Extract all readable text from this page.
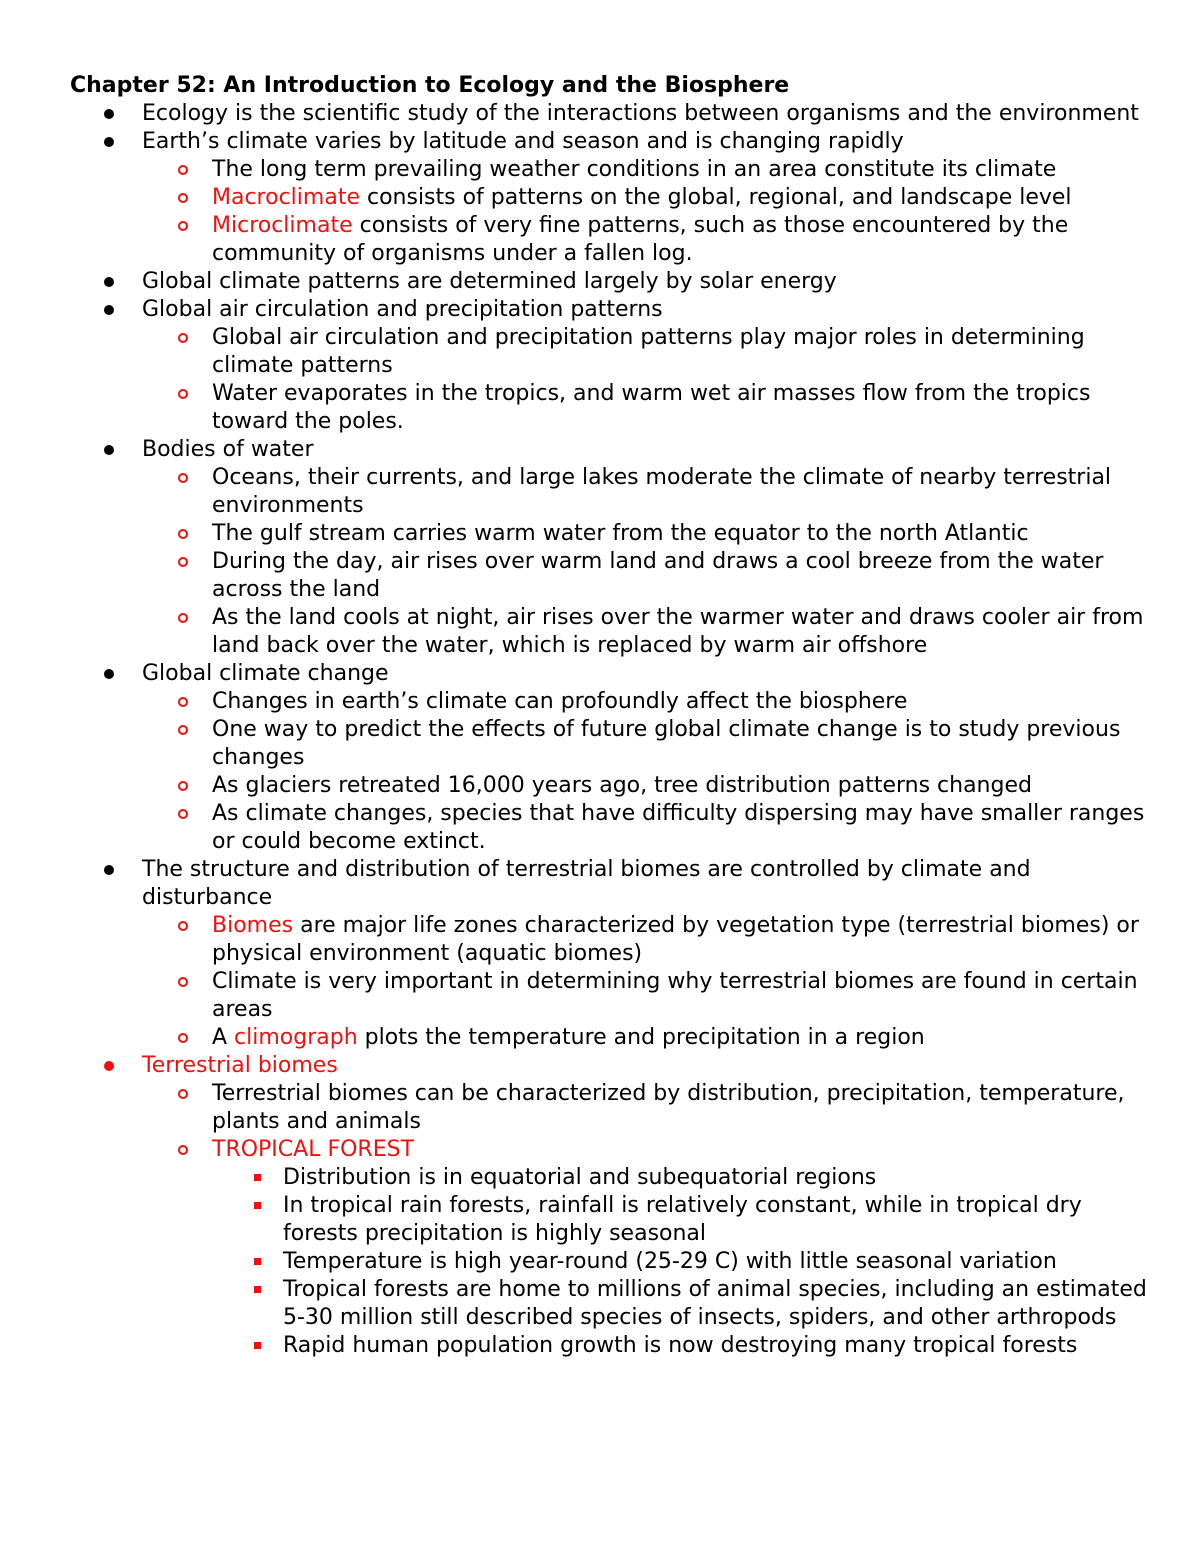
Chapter 52: An Introduction to Ecology and the Biosphere
Ecology is the scientific study of the interactions between organisms and the environment
Earth’s climate varies by latitude and season and is changing rapidly
The long term prevailing weather conditions in an area constitute its climate
Macroclimate consists of patterns on the global, regional, and landscape level
Microclimate consists of very fine patterns, such as those encountered by the community of organisms under a fallen log.
Global climate patterns are determined largely by solar energy
Global air circulation and precipitation patterns
Global air circulation and precipitation patterns play major roles in determining climate patterns
Water evaporates in the tropics, and warm wet air masses flow from the tropics toward the poles.
Bodies of water
Oceans, their currents, and large lakes moderate the climate of nearby terrestrial environments
The gulf stream carries warm water from the equator to the north Atlantic
During the day, air rises over warm land and draws a cool breeze from the water across the land
As the land cools at night, air rises over the warmer water and draws cooler air from land back over the water, which is replaced by warm air offshore
Global climate change
Changes in earth’s climate can profoundly affect the biosphere
One way to predict the effects of future global climate change is to study previous changes
As glaciers retreated 16,000 years ago, tree distribution patterns changed
As climate changes, species that have difficulty dispersing may have smaller ranges or could become extinct.
The structure and distribution of terrestrial biomes are controlled by climate and disturbance
Biomes are major life zones characterized by vegetation type (terrestrial biomes) or physical environment (aquatic biomes)
Climate is very important in determining why terrestrial biomes are found in certain areas
A climograph plots the temperature and precipitation in a region
Terrestrial biomes
Terrestrial biomes can be characterized by distribution, precipitation, temperature, plants and animals
TROPICAL FOREST
Distribution is in equatorial and subequatorial regions
In tropical rain forests, rainfall is relatively constant, while in tropical dry forests precipitation is highly seasonal
Temperature is high year-round (25-29 C) with little seasonal variation
Tropical forests are home to millions of animal species, including an estimated 5-30 million still described species of insects, spiders, and other arthropods
Rapid human population growth is now destroying many tropical forests
